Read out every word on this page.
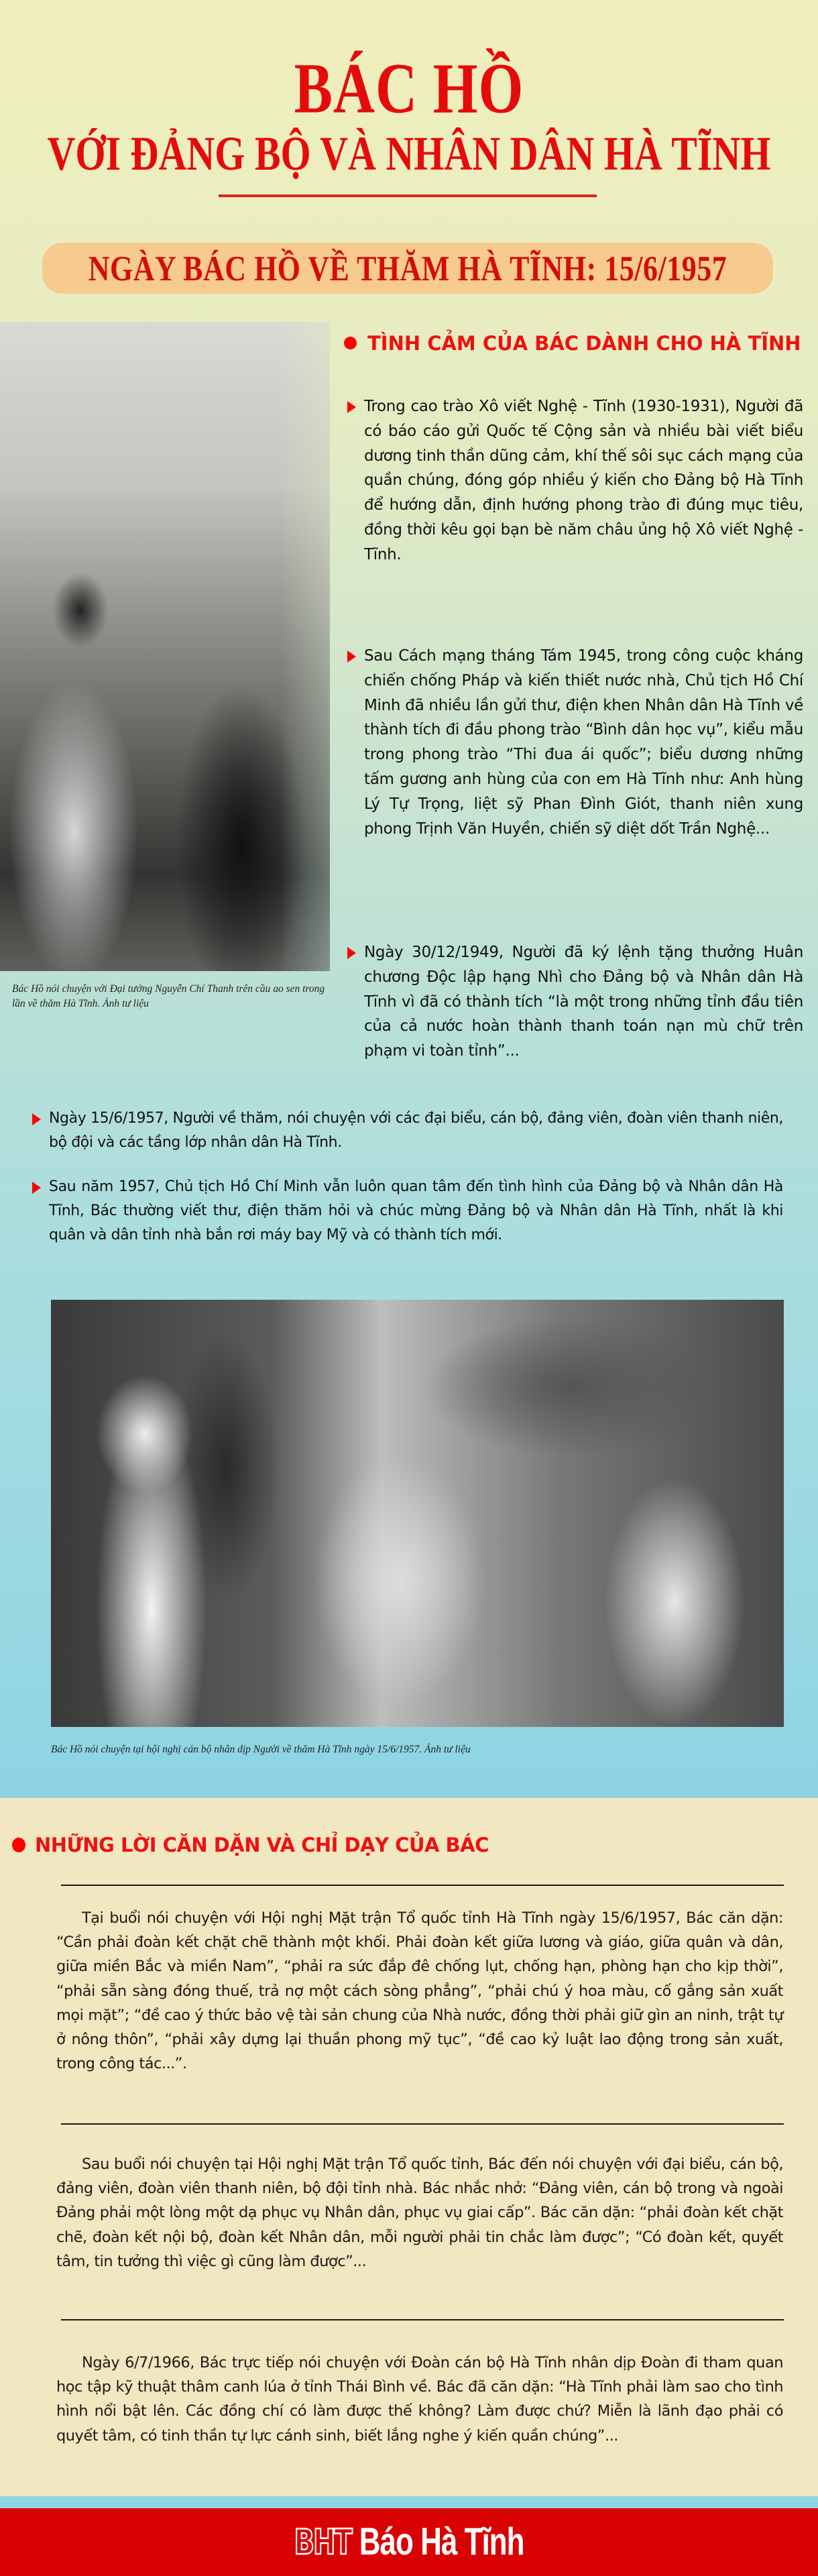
BÁC HỒ
VỚI ĐẢNG BỘ VÀ NHÂN DÂN HÀ TĨNH
NGÀY BÁC HỒ VỀ THĂM HÀ TĨNH: 15/6/1957
Bác Hồ nói chuyện với Đại tướng Nguyễn Chí Thanh trên cầu ao sen trong lần về thăm Hà Tĩnh. Ảnh tư liệu
TÌNH CẢM CỦA BÁC DÀNH CHO HÀ TĨNH

Trong cao trào Xô viết Nghệ - Tĩnh (1930-1931), Người đã có báo cáo gửi Quốc tế Cộng sản và nhiều bài viết biểu dương tinh thần dũng cảm, khí thế sôi sục cách mạng của quần chúng, đóng góp nhiều ý kiến cho Đảng bộ Hà Tĩnh để hướng dẫn, định hướng phong trào đi đúng mục tiêu, đồng thời kêu gọi bạn bè năm châu ủng hộ Xô viết Nghệ - Tĩnh.

Sau Cách mạng tháng Tám 1945, trong công cuộc kháng chiến chống Pháp và kiến thiết nước nhà, Chủ tịch Hồ Chí Minh đã nhiều lần gửi thư, điện khen Nhân dân Hà Tĩnh về thành tích đi đầu phong trào “Bình dân học vụ”, kiểu mẫu trong phong trào “Thi đua ái quốc”; biểu dương những tấm gương anh hùng của con em Hà Tĩnh như: Anh hùng Lý Tự Trọng, liệt sỹ Phan Đình Giót, thanh niên xung phong Trịnh Văn Huyền, chiến sỹ diệt dốt Trần Nghệ...

Ngày 30/12/1949, Người đã ký lệnh tặng thưởng Huân chương Độc lập hạng Nhì cho Đảng bộ và Nhân dân Hà Tĩnh vì đã có thành tích “là một trong những tỉnh đầu tiên của cả nước hoàn thành thanh toán nạn mù chữ trên phạm vi toàn tỉnh”...

Ngày 15/6/1957, Người về thăm, nói chuyện với các đại biểu, cán bộ, đảng viên, đoàn viên thanh niên, bộ đội và các tầng lớp nhân dân Hà Tĩnh.

Sau năm 1957, Chủ tịch Hồ Chí Minh vẫn luôn quan tâm đến tình hình của Đảng bộ và Nhân dân Hà Tĩnh, Bác thường viết thư, điện thăm hỏi và chúc mừng Đảng bộ và Nhân dân Hà Tĩnh, nhất là khi quân và dân tỉnh nhà bắn rơi máy bay Mỹ và có thành tích mới.

Bác Hồ nói chuyện tại hội nghị cán bộ nhân dịp Người về thăm Hà Tĩnh ngày 15/6/1957. Ảnh tư liệu
NHỮNG LỜI CĂN DẶN VÀ CHỈ DẠY CỦA BÁC

Tại buổi nói chuyện với Hội nghị Mặt trận Tổ quốc tỉnh Hà Tĩnh ngày 15/6/1957, Bác căn dặn: “Cần phải đoàn kết chặt chẽ thành một khối. Phải đoàn kết giữa lương và giáo, giữa quân và dân, giữa miền Bắc và miền Nam”, “phải ra sức đắp đê chống lụt, chống hạn, phòng hạn cho kịp thời”, “phải sẵn sàng đóng thuế, trả nợ một cách sòng phẳng”, “phải chú ý hoa màu, cố gắng sản xuất mọi mặt”; “đề cao ý thức bảo vệ tài sản chung của Nhà nước, đồng thời phải giữ gìn an ninh, trật tự ở nông thôn”, “phải xây dựng lại thuần phong mỹ tục”, “đề cao kỷ luật lao động trong sản xuất, trong công tác...”.

Sau buổi nói chuyện tại Hội nghị Mặt trận Tổ quốc tỉnh, Bác đến nói chuyện với đại biểu, cán bộ, đảng viên, đoàn viên thanh niên, bộ đội tỉnh nhà. Bác nhắc nhở: “Đảng viên, cán bộ trong và ngoài Đảng phải một lòng một dạ phục vụ Nhân dân, phục vụ giai cấp”. Bác căn dặn: “phải đoàn kết chặt chẽ, đoàn kết nội bộ, đoàn kết Nhân dân, mỗi người phải tin chắc làm được”; “Có đoàn kết, quyết tâm, tin tưởng thì việc gì cũng làm được”...

Ngày 6/7/1966, Bác trực tiếp nói chuyện với Đoàn cán bộ Hà Tĩnh nhân dịp Đoàn đi tham quan học tập kỹ thuật thâm canh lúa ở tỉnh Thái Bình về. Bác đã căn dặn: “Hà Tĩnh phải làm sao cho tình hình nổi bật lên. Các đồng chí có làm được thế không? Làm được chứ? Miễn là lãnh đạo phải có quyết tâm, có tinh thần tự lực cánh sinh, biết lắng nghe ý kiến quần chúng”...

BHT Báo Hà Tĩnh
